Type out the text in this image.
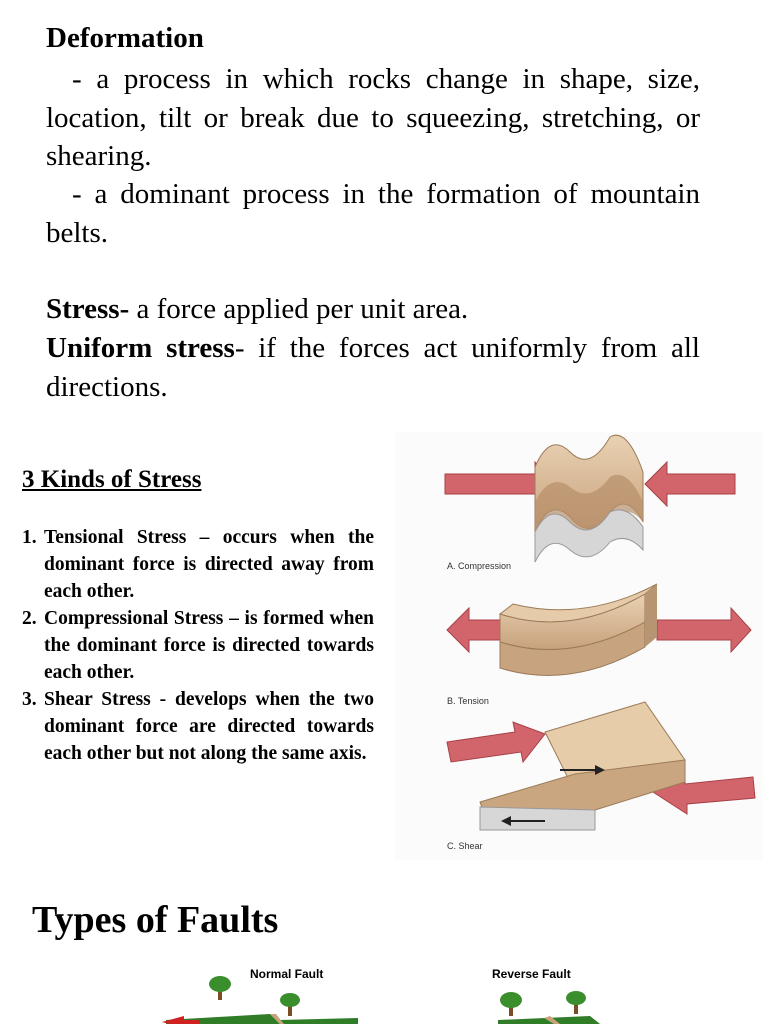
Deformation
- a process in which rocks change in shape, size, location, tilt or break due to squeezing, stretching, or shearing.
- a dominant process in the formation of mountain belts.
Stress- a force applied per unit area.
Uniform stress- if the forces act uniformly from all directions.
3 Kinds of Stress
1. Tensional Stress – occurs when the dominant force is directed away from each other.
2. Compressional Stress – is formed when the dominant force is directed towards each other.
3. Shear Stress - develops when the two dominant force are directed towards each other but not along the same axis.
A. Compression
B. Tension
C. Shear
Types of Faults
Normal Fault	Reverse Fault
